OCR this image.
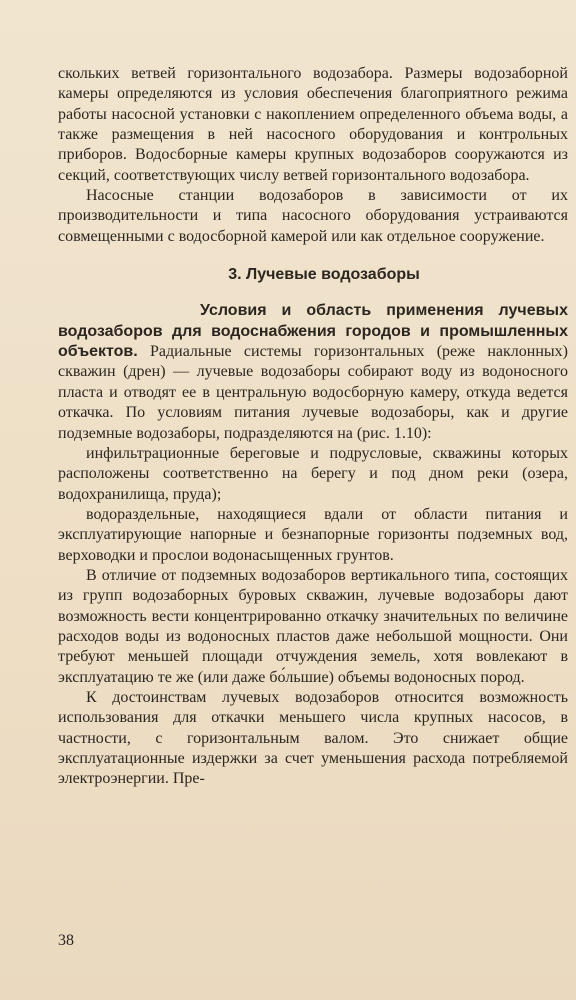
скольких ветвей горизонтального водозабора. Размеры водозаборной камеры определяются из условия обеспечения благоприятного режима работы насосной установки с накоплением определенного объема воды, а также размещения в ней насосного оборудования и контрольных приборов. Водосборные камеры крупных водозаборов сооружаются из секций, соответствующих числу ветвей горизонтального водозабора.

Насосные станции водозаборов в зависимости от их производительности и типа насосного оборудования устраиваются совмещенными с водосборной камерой или как отдельное сооружение.

3. Лучевые водозаборы

Условия и область применения лучевых водозаборов для водоснабжения городов и промышленных объектов. Радиальные системы горизонтальных (реже наклонных) скважин (дрен) — лучевые водозаборы собирают воду из водоносного пласта и отводят ее в центральную водосборную камеру, откуда ведется откачка. По условиям питания лучевые водозаборы, как и другие подземные водозаборы, подразделяются на (рис. 1.10):

инфильтрационные береговые и подрусловые, скважины которых расположены соответственно на берегу и под дном реки (озера, водохранилища, пруда);

водораздельные, находящиеся вдали от области питания и эксплуатирующие напорные и безнапорные горизонты подземных вод, верховодки и прослои водонасыщенных грунтов.

В отличие от подземных водозаборов вертикального типа, состоящих из групп водозаборных буровых скважин, лучевые водозаборы дают возможность вести концентрированно откачку значительных по величине расходов воды из водоносных пластов даже небольшой мощности. Они требуют меньшей площади отчуждения земель, хотя вовлекают в эксплуатацию те же (или даже бо́льшие) объемы водоносных пород.

К достоинствам лучевых водозаборов относится возможность использования для откачки меньшего числа крупных насосов, в частности, с горизонтальным валом. Это снижает общие эксплуатационные издержки за счет уменьшения расхода потребляемой электроэнергии. Пре-

38
